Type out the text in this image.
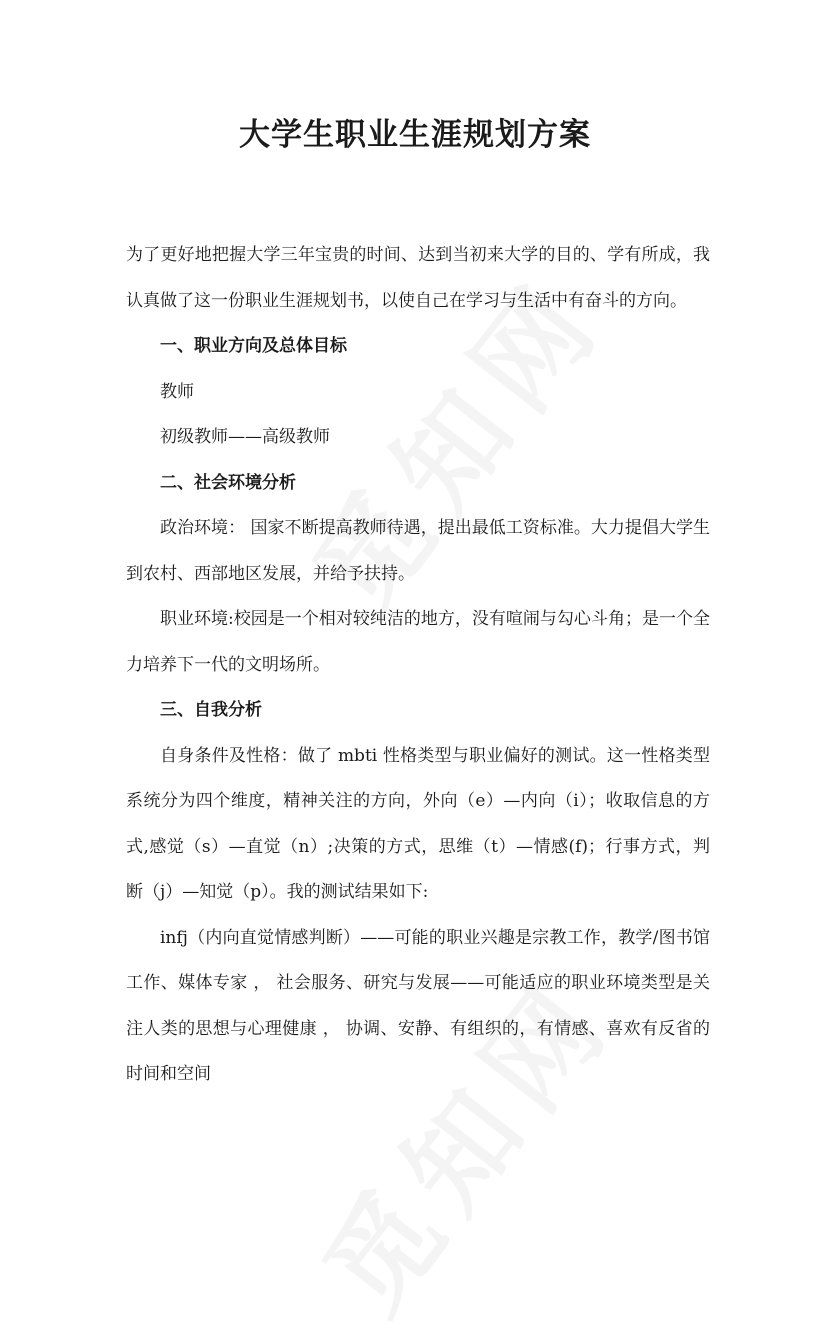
大学生职业生涯规划方案

为了更好地把握大学三年宝贵的时间、达到当初来大学的目的、学有所成，我认真做了这一份职业生涯规划书，以使自己在学习与生活中有奋斗的方向。

一、职业方向及总体目标

教师

初级教师——高级教师

二、社会环境分析

政治环境： 国家不断提高教师待遇，提出最低工资标准。大力提倡大学生到农村、西部地区发展，并给予扶持。

职业环境:校园是一个相对较纯洁的地方，没有喧闹与勾心斗角；是一个全力培养下一代的文明场所。

三、自我分析

自身条件及性格：做了 mbti 性格类型与职业偏好的测试。这一性格类型系统分为四个维度，精神关注的方向，外向（e）—内向（i）；收取信息的方式,感觉（s）—直觉（n）;决策的方式，思维（t）—情感(f)；行事方式，判断（j）—知觉（p）。我的测试结果如下:

infj（内向直觉情感判断）——可能的职业兴趣是宗教工作，教学/图书馆工作、媒体专家 ， 社会服务、研究与发展——可能适应的职业环境类型是关注人类的思想与心理健康 ， 协调、安静、有组织的，有情感、喜欢有反省的时间和空间
